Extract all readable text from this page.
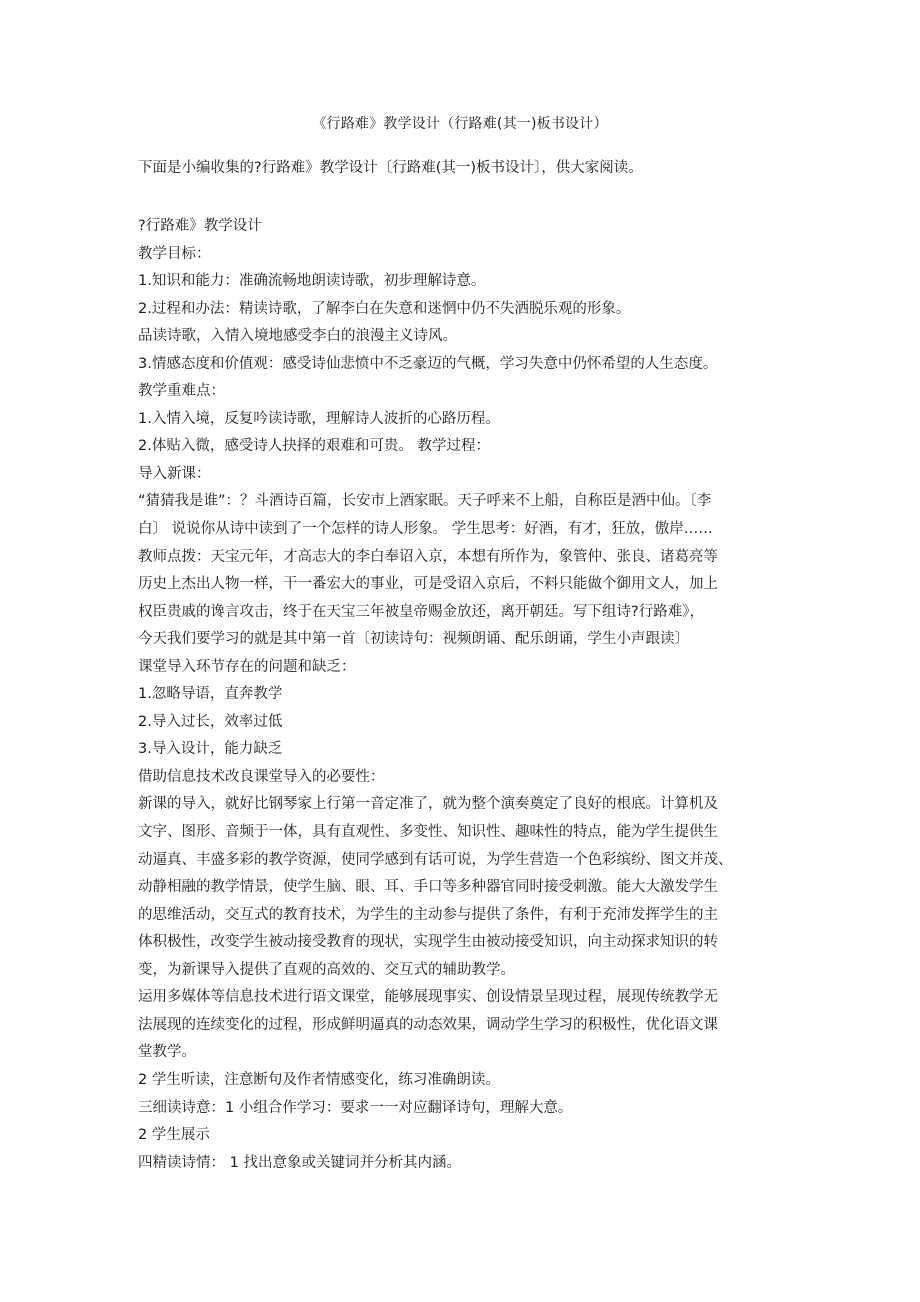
《行路难》教学设计（行路难(其一)板书设计）
下面是小编收集的?行路难》教学设计〔行路难(其一)板书设计〕，供大家阅读。
?行路难》教学设计
教学目标：
1.知识和能力：准确流畅地朗读诗歌，初步理解诗意。
2.过程和办法：精读诗歌，了解李白在失意和迷惘中仍不失洒脱乐观的形象。
品读诗歌，入情入境地感受李白的浪漫主义诗风。
3.情感态度和价值观：感受诗仙悲愤中不乏豪迈的气概，学习失意中仍怀希望的人生态度。
教学重难点：
1.入情入境，反复吟读诗歌，理解诗人波折的心路历程。
2.体贴入微，感受诗人抉择的艰难和可贵。 教学过程：
导入新课：
“猜猜我是谁”：？斗酒诗百篇，长安市上酒家眠。天子呼来不上船，自称臣是酒中仙。〔李
白〕 说说你从诗中读到了一个怎样的诗人形象。 学生思考：好酒，有才，狂放，傲岸……
教师点拨：天宝元年，才高志大的李白奉诏入京，本想有所作为，象管仲、张良、诸葛亮等
历史上杰出人物一样，干一番宏大的事业，可是受诏入京后，不料只能做个御用文人，加上
权臣贵戚的谗言攻击，终于在天宝三年被皇帝赐金放还，离开朝廷。写下组诗?行路难》，
今天我们要学习的就是其中第一首〔初读诗句：视频朗诵、配乐朗诵，学生小声跟读〕
课堂导入环节存在的问题和缺乏：
1.忽略导语，直奔教学
2.导入过长，效率过低
3.导入设计，能力缺乏
借助信息技术改良课堂导入的必要性：
新课的导入，就好比钢琴家上行第一音定准了，就为整个演奏奠定了良好的根底。计算机及
文字、图形、音频于一体，具有直观性、多变性、知识性、趣味性的特点，能为学生提供生
动逼真、丰盛多彩的教学资源，使同学感到有话可说，为学生营造一个色彩缤纷、图文并茂、
动静相融的教学情景，使学生脑、眼、耳、手口等多种器官同时接受刺激。能大大激发学生
的思维活动，交互式的教育技术，为学生的主动参与提供了条件，有利于充沛发挥学生的主
体积极性，改变学生被动接受教育的现状，实现学生由被动接受知识，向主动探求知识的转
变，为新课导入提供了直观的高效的、交互式的辅助教学。
运用多媒体等信息技术进行语文课堂，能够展现事实、创设情景呈现过程，展现传统教学无
法展现的连续变化的过程，形成鲜明逼真的动态效果，调动学生学习的积极性，优化语文课
堂教学。
2 学生听读，注意断句及作者情感变化，练习准确朗读。
三细读诗意：1 小组合作学习：要求一一对应翻译诗句，理解大意。
2 学生展示
四精读诗情： 1 找出意象或关键词并分析其内涵。
